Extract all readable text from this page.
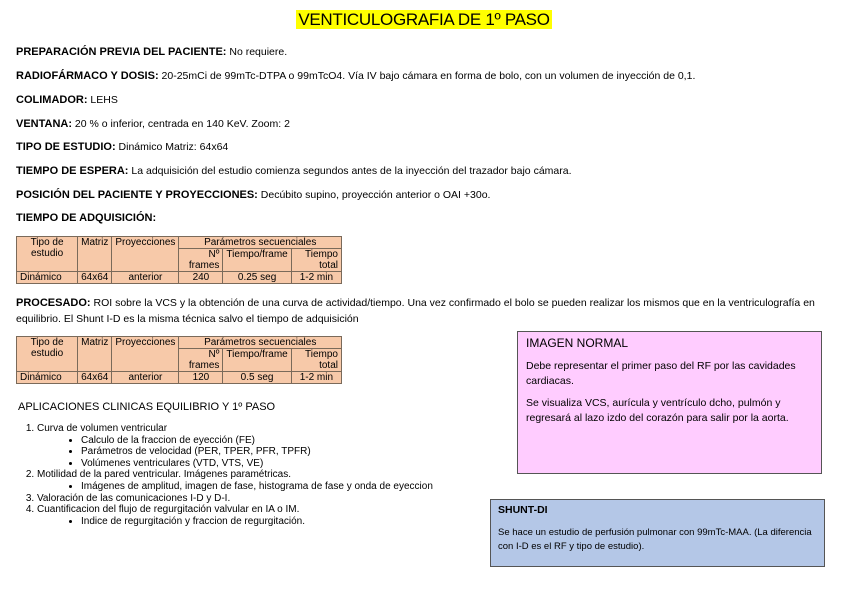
VENTICULOGRAFIA DE 1º PASO
PREPARACIÓN PREVIA DEL PACIENTE: No requiere.
RADIOFÁRMACO Y DOSIS: 20-25mCi de 99mTc-DTPA o 99mTcO4. Vía IV bajo cámara en forma de bolo, con un volumen de inyección de 0,1.
COLIMADOR: LEHS
VENTANA: 20 % o inferior, centrada en 140 KeV. Zoom: 2
TIPO DE ESTUDIO: Dinámico Matriz: 64x64
TIEMPO DE ESPERA: La adquisición del estudio comienza segundos antes de la inyección del trazador bajo cámara.
POSICIÓN DEL PACIENTE Y PROYECCIONES: Decúbito supino, proyección anterior o OAI +30o.
TIEMPO DE ADQUISICIÓN:
Tipo de estudio	Matriz	Proyecciones	Parámetros secuenciales		
			Nº frames	Tiempo/frame	Tiempo total
Dinámico	64x64	anterior	240	0.25 seg	1-2 min
PROCESADO: ROI sobre la VCS y la obtención de una curva de actividad/tiempo. Una vez confirmado el bolo se pueden realizar los mismos que en la ventriculografía en equilibrio. El Shunt I-D es la misma técnica salvo el tiempo de adquisición
Tipo de estudio	Matriz	Proyecciones	Parámetros secuenciales		
			Nº frames	Tiempo/frame	Tiempo total
Dinámico	64x64	anterior	120	0.5 seg	1-2 min
APLICACIONES CLINICAS EQUILIBRIO Y 1º PASO
1. Curva de volumen ventricular
• Calculo de la fraccion de eyección (FE)
• Parámetros de velocidad (PER, TPER, PFR, TPFR)
• Volúmenes ventriculares (VTD, VTS, VE)
2. Motilidad de la pared ventricular. Imágenes paramétricas.
• Imágenes de amplitud, imagen de fase, histograma de fase y onda de eyeccion
3. Valoración de las comunicaciones I-D y D-I.
4. Cuantificacion del flujo de regurgitación valvular en IA o IM.
• Indice de regurgitación y fraccion de regurgitación.
IMAGEN NORMAL

Debe representar el primer paso del RF por las cavidades cardiacas.

Se visualiza VCS, aurícula y ventrículo dcho, pulmón y regresará al lazo izdo del corazón para salir por la aorta.

SHUNT-DI

Se hace un estudio de perfusión pulmonar con 99mTc-MAA. (La diferencia con I-D es el RF y tipo de estudio).
